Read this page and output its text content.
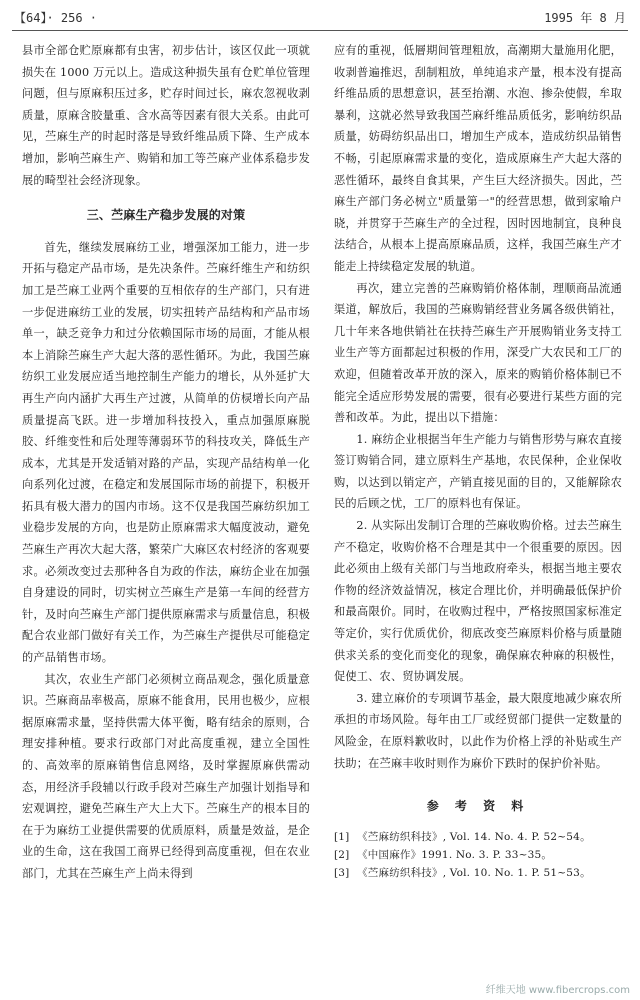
【64】· 256 ·	1995 年 8 月

县市全部仓贮原麻都有虫害，初步估计，该区仅此一项就损失在 1000 万元以上。造成这种损失虽有仓贮单位管理问题，但与原麻积压过多，贮存时间过长，麻农忽视收剥质量，原麻含胶量重、含水高等因素有很大关系。由此可见，苎麻生产的时起时落是导致纤维品质下降、生产成本增加，影响苎麻生产、购销和加工等苎麻产业体系稳步发展的畸型社会经济现象。

三、苎麻生产稳步发展的对策

首先，继续发展麻纺工业，增强深加工能力，进一步开拓与稳定产品市场，是先决条件。苎麻纤维生产和纺织加工是苎麻工业两个重要的互相依存的生产部门，只有进一步促进麻纺工业的发展，切实扭转产品结构和产品市场单一，缺乏竞争力和过分依赖国际市场的局面，才能从根本上消除苎麻生产大起大落的恶性循环。为此，我国苎麻纺织工业发展应适当地控制生产能力的增长，从外延扩大再生产向内涵扩大再生产过渡，从简单的仿棂增长向产品质量提高飞跃。进一步增加科技投入，重点加强原麻脱胶、纤维变性和后处理等薄弱环节的科技攻关，降低生产成本，尤其是开发适销对路的产品，实现产品结构单一化向系列化过渡，在稳定和发展国际市场的前提下，积极开拓具有极大潜力的国内市场。这不仅是我国苎麻纺织加工业稳步发展的方向，也是防止原麻需求大幅度波动，避免苎麻生产再次大起大落，繁荣广大麻区农村经济的客观要求。必须改变过去那种各自为政的作法，麻纺企业在加强自身建设的同时，切实树立苎麻生产是第一车间的经营方针，及时向苎麻生产部门提供原麻需求与质量信息，积极配合农业部门做好有关工作，为苎麻生产提供尽可能稳定的产品销售市场。

其次，农业生产部门必须树立商品观念，强化质量意识。苎麻商品率极高，原麻不能食用，民用也极少，应根据原麻需求量，坚持供需大体平衡，略有结余的原则，合理安排种植。要求行政部门对此高度重视，建立全国性的、高效率的原麻销售信息网络，及时掌握原麻供需动态，用经济手段辅以行政手段对苎麻生产加强计划指导和宏观调控，避免苎麻生产大上大下。苎麻生产的根本目的在于为麻纺工业提供需要的优质原料，质量是效益，是企业的生命，这在我国工商界已经得到高度重视，但在农业部门，尤其在苎麻生产上尚未得到

应有的重视，低層期间管理粗放，高潮期大量施用化肥，收剥普遍推迟，刮制粗放，单纯追求产量，根本没有提高纤维品质的思想意识，甚至抬潮、水泡、掺杂使假，牟取暴利，这就必然导致我国苎麻纤维品质低劣，影响纺织品质量，妨碍纺织品出口，增加生产成本，造成纺织品销售不畅，引起原麻需求量的变化，造成原麻生产大起大落的恶性循环，最终自食其果，产生巨大经济损失。因此，苎麻生产部门务必树立"质量第一"的经营思想，做到家喻户晓，并贯穿于苎麻生产的全过程，因时因地制宜，良种良法结合，从根本上提高原麻品质，这样，我国苎麻生产才能走上持续稳定发展的轨道。

再次，建立完善的苎麻购销价格体制，理顺商品流通渠道，解放后，我国的苎麻购销经营业务属各级供销社，几十年来各地供销社在扶持苎麻生产开展购销业务支持工业生产等方面都起过积极的作用，深受广大农民和工厂的欢迎，但随着改革开放的深入，原来的购销价格体制已不能完全适应形势发展的需要，很有必要进行某些方面的完善和改革。为此，提出以下措施：

1. 麻纺企业根据当年生产能力与销售形势与麻农直接签订购销合同，建立原料生产基地，农民保种，企业保收购，以达到以销定产，产销直接见面的目的，又能解除农民的后顾之忧，工厂的原料也有保证。

2. 从实际出发制订合理的苎麻收购价格。过去苎麻生产不稳定，收购价格不合理是其中一个很重要的原因。因此必须由上级有关部门与当地政府牵头，根据当地主要农作物的经济效益情况，核定合理比价，并明确最低保护价和最高限价。同时，在收购过程中，严格按照国家标准定等定价，实行优质优价，彻底改变苎麻原料价格与质量随供求关系的变化而变化的现象，确保麻农种麻的积极性，促使工、农、贸协调发展。

3. 建立麻价的专项调节基金，最大限度地减少麻农所承担的市场风险。每年由工厂或经贸部门提供一定数量的风险金，在原料歉收时，以此作为价格上浮的补贴或生产扶助；在苎麻丰收时则作为麻价下跌时的保护价补贴。

参 考 资 料
[1] 《苎麻纺织科技》, Vol. 14. No. 4. P. 52~54。
[2] 《中国麻作》1991. No. 3. P. 33~35。
[3] 《苎麻纺织科技》, Vol. 10. No. 1. P. 51~53。
纤维天地 www.fibercrops.com
